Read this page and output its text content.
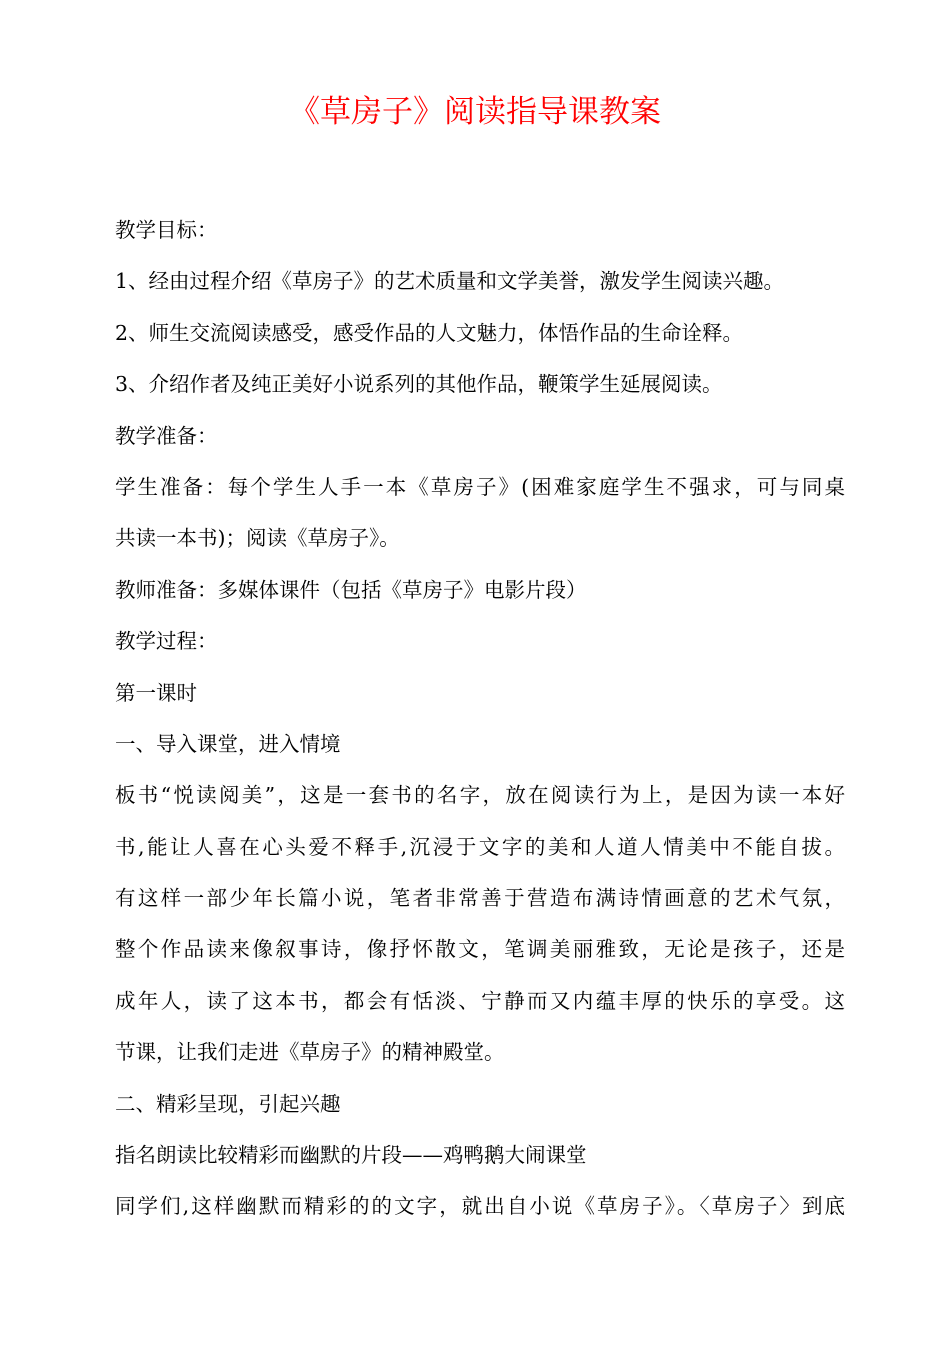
《草房子》阅读指导课教案
教学目标：
1、经由过程介绍《草房子》的艺术质量和文学美誉，激发学生阅读兴趣。
2、师生交流阅读感受，感受作品的人文魅力，体悟作品的生命诠释。
3、介绍作者及纯正美好小说系列的其他作品，鞭策学生延展阅读。
教学准备：
学生准备：每个学生人手一本《草房子》(困难家庭学生不强求，可与同桌
共读一本书)；阅读《草房子》。
教师准备：多媒体课件（包括《草房子》电影片段）
教学过程：
第一课时
一、导入课堂，进入情境
板书“悦读阅美”，这是一套书的名字，放在阅读行为上，是因为读一本好
书,能让人喜在心头爱不释手,沉浸于文字的美和人道人情美中不能自拔。
有这样一部少年长篇小说，笔者非常善于营造布满诗情画意的艺术气氛，
整个作品读来像叙事诗，像抒怀散文，笔调美丽雅致，无论是孩子，还是
成年人，读了这本书，都会有恬淡、宁静而又内蕴丰厚的快乐的享受。这
节课，让我们走进《草房子》的精神殿堂。
二、精彩呈现，引起兴趣
指名朗读比较精彩而幽默的片段——鸡鸭鹅大闹课堂
同学们,这样幽默而精彩的的文字，就出自小说《草房子》。〈草房子〉到底
